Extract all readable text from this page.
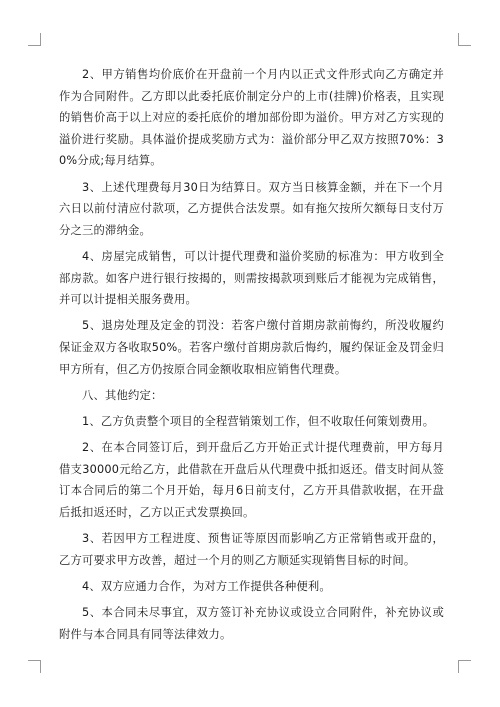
2、甲方销售均价底价在开盘前一个月内以正式文件形式向乙方确定并作为合同附件。乙方即以此委托底价制定分户的上市(挂牌)价格表，且实现的销售价高于以上对应的委托底价的增加部份即为溢价。甲方对乙方实现的溢价进行奖励。具体溢价提成奖励方式为：溢价部分甲乙双方按照70%：30%分成;每月结算。

3、上述代理费每月30日为结算日。双方当日核算金额，并在下一个月六日以前付清应付款项，乙方提供合法发票。如有拖欠按所欠额每日支付万分之三的滞纳金。

4、房屋完成销售，可以计提代理费和溢价奖励的标准为：甲方收到全部房款。如客户进行银行按揭的，则需按揭款项到账后才能视为完成销售，并可以计提相关服务费用。

5、退房处理及定金的罚没：若客户缴付首期房款前悔约，所没收履约保证金双方各收取50%。若客户缴付首期房款后悔约，履约保证金及罚金归甲方所有，但乙方仍按原合同金额收取相应销售代理费。

八、其他约定：

1、乙方负责整个项目的全程营销策划工作，但不收取任何策划费用。

2、在本合同签订后，到开盘后乙方开始正式计提代理费前，甲方每月借支30000元给乙方，此借款在开盘后从代理费中抵扣返还。借支时间从签订本合同后的第二个月开始，每月6日前支付，乙方开具借款收据，在开盘后抵扣返还时，乙方以正式发票换回。

3、若因甲方工程进度、预售证等原因而影响乙方正常销售或开盘的，乙方可要求甲方改善，超过一个月的则乙方顺延实现销售目标的时间。

4、双方应通力合作，为对方工作提供各种便利。

5、本合同未尽事宜，双方签订补充协议或设立合同附件，补充协议或附件与本合同具有同等法律效力。
